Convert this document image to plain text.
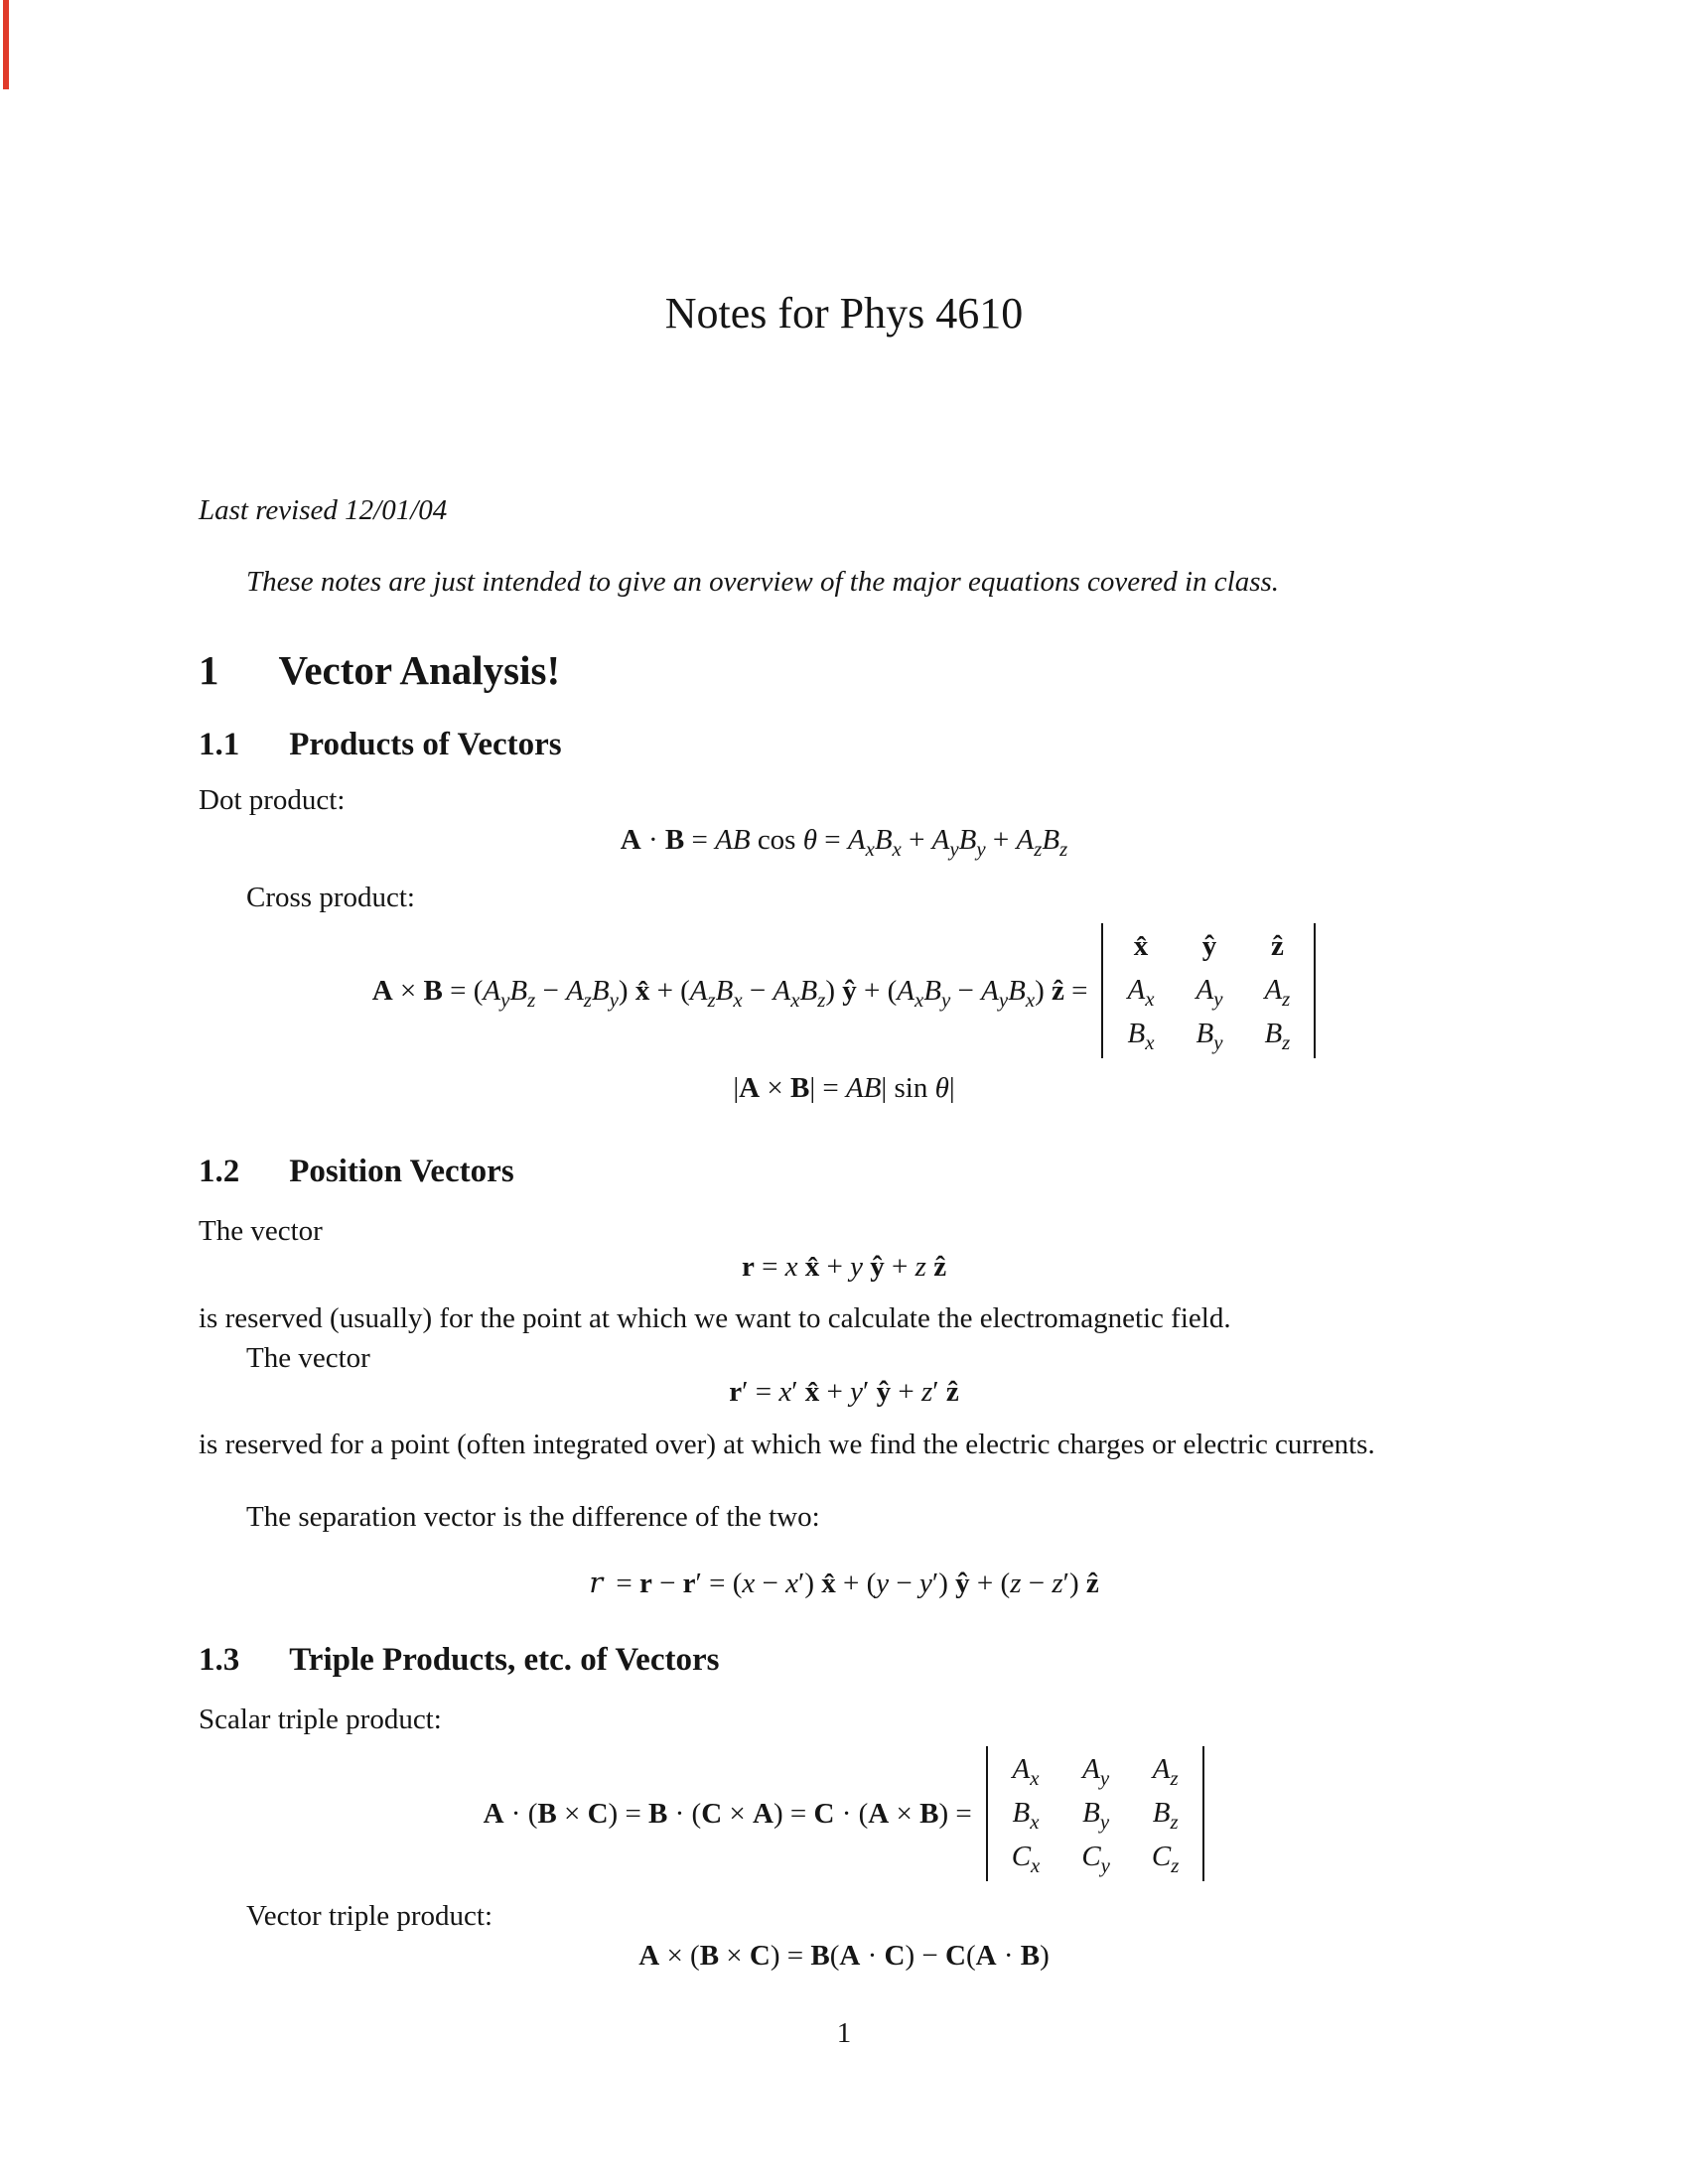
Notes for Phys 4610

Last revised 12/01/04

These notes are just intended to give an overview of the major equations covered in class.

1 Vector Analysis!
1.1 Products of Vectors

Dot product:

A · B = AB $\cos \theta = A_xB_x + A_yB_y + A_zB_z$

Cross product:

$A \times B = (A_yB_z - A_zB_y)$ x̂ + $(A_zB_x - A_xB_z)$ ŷ + $(A_xB_y - A_yB_x)$ ẑ =
x̂ ŷ ẑ
$A_x$ $A_y$ $A_z$
$B_x$ $B_y$ $B_z$
|A × B| = AB| sin θ|
1.2 Position Vectors

The vector

r = x x̂ + y ŷ + z ẑ

is reserved (usually) for the point at which we want to calculate the electromagnetic field.

The vector

r′ = x′ x̂ + y′ ŷ + z′ ẑ

is reserved for a point (often integrated over) at which we find the electric charges or electric currents.

The separation vector is the difference of the two:

r = r − r′ = (x − x′) x̂ + (y − y′) ŷ + (z − z′) ẑ
1.3 Triple Products, etc. of Vectors

Scalar triple product:

A · (B × C) = B · (C × A) = C · (A × B) =
$A_x$ $A_y$ $A_z$
$B_x$ $B_y$ $B_z$
$C_x$ $C_y$ $C_z$

Vector triple product:

A × (B × C) = B(A · C) − C(A · B)
1
